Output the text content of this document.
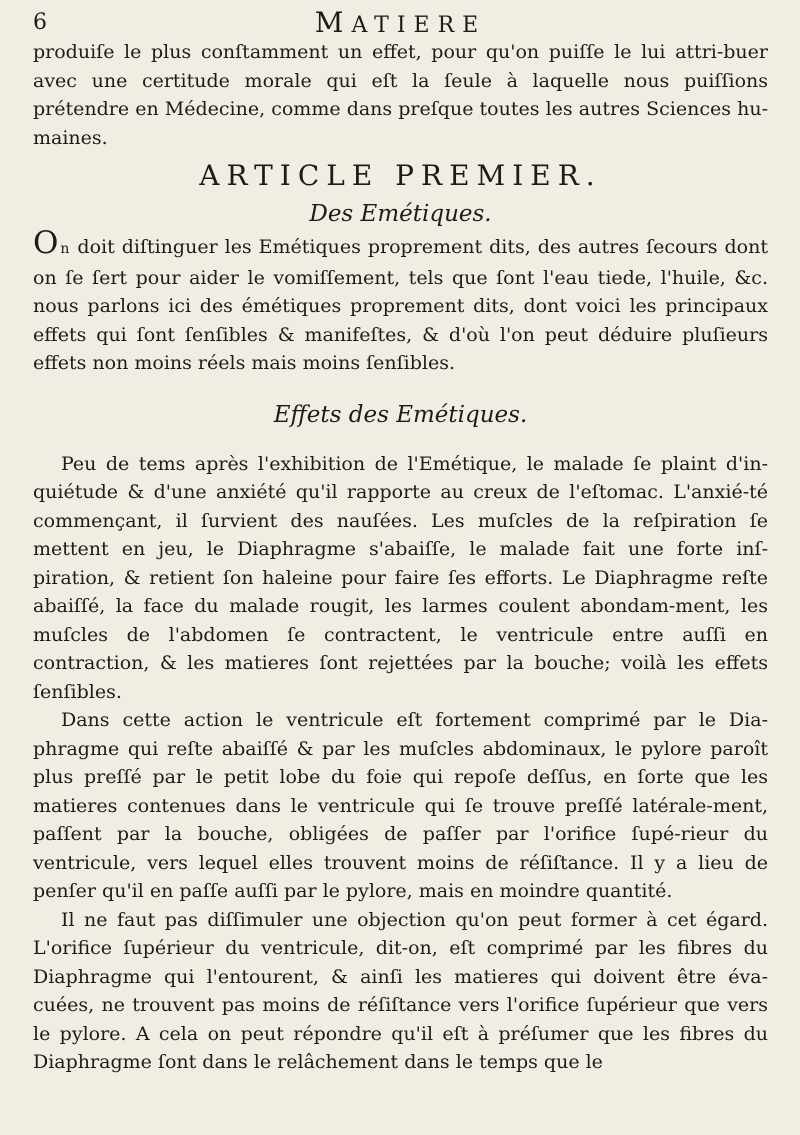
6	MATIERE

produiſe le plus conſtamment un effet, pour qu'on puiſſe le lui attri-buer avec une certitude morale qui eſt la ſeule à laquelle nous puiſſions prétendre en Médecine, comme dans preſque toutes les autres Sciences hu-maines.

ARTICLE PREMIER.
Des Emétiques.

On doit diſtinguer les Emétiques proprement dits, des autres ſecours dont on ſe ſert pour aider le vomiſſement, tels que ſont l'eau tiede, l'huile, &c. nous parlons ici des émétiques proprement dits, dont voici les principaux effets qui ſont ſenſibles & manifeſtes, & d'où l'on peut déduire pluſieurs effets non moins réels mais moins ſenſibles.

Effets des Emétiques.

Peu de tems après l'exhibition de l'Emétique, le malade ſe plaint d'in-quiétude & d'une anxiété qu'il rapporte au creux de l'eſtomac. L'anxié-té commençant, il ſurvient des nauſées. Les muſcles de la reſpiration ſe mettent en jeu, le Diaphragme s'abaiſſe, le malade fait une forte inſ-piration, & retient ſon haleine pour faire ſes efforts. Le Diaphragme reſte abaiſſé, la face du malade rougit, les larmes coulent abondam-ment, les muſcles de l'abdomen ſe contractent, le ventricule entre auſſi en contraction, & les matieres ſont rejettées par la bouche; voilà les effets ſenſibles.

Dans cette action le ventricule eſt fortement comprimé par le Dia-phragme qui reſte abaiſſé & par les muſcles abdominaux, le pylore paroît plus preſſé par le petit lobe du foie qui repoſe deſſus, en ſorte que les matieres contenues dans le ventricule qui ſe trouve preſſé latérale-ment, paſſent par la bouche, obligées de paſſer par l'orifice ſupé-rieur du ventricule, vers lequel elles trouvent moins de réſiſtance. Il y a lieu de penſer qu'il en paſſe auſſi par le pylore, mais en moindre quantité.

Il ne faut pas diſſimuler une objection qu'on peut former à cet égard. L'orifice ſupérieur du ventricule, dit-on, eſt comprimé par les fibres du Diaphragme qui l'entourent, & ainſi les matieres qui doivent être éva-cuées, ne trouvent pas moins de réſiſtance vers l'orifice ſupérieur que vers le pylore. A cela on peut répondre qu'il eſt à préſumer que les fibres du Diaphragme ſont dans le relâchement dans le temps que le
